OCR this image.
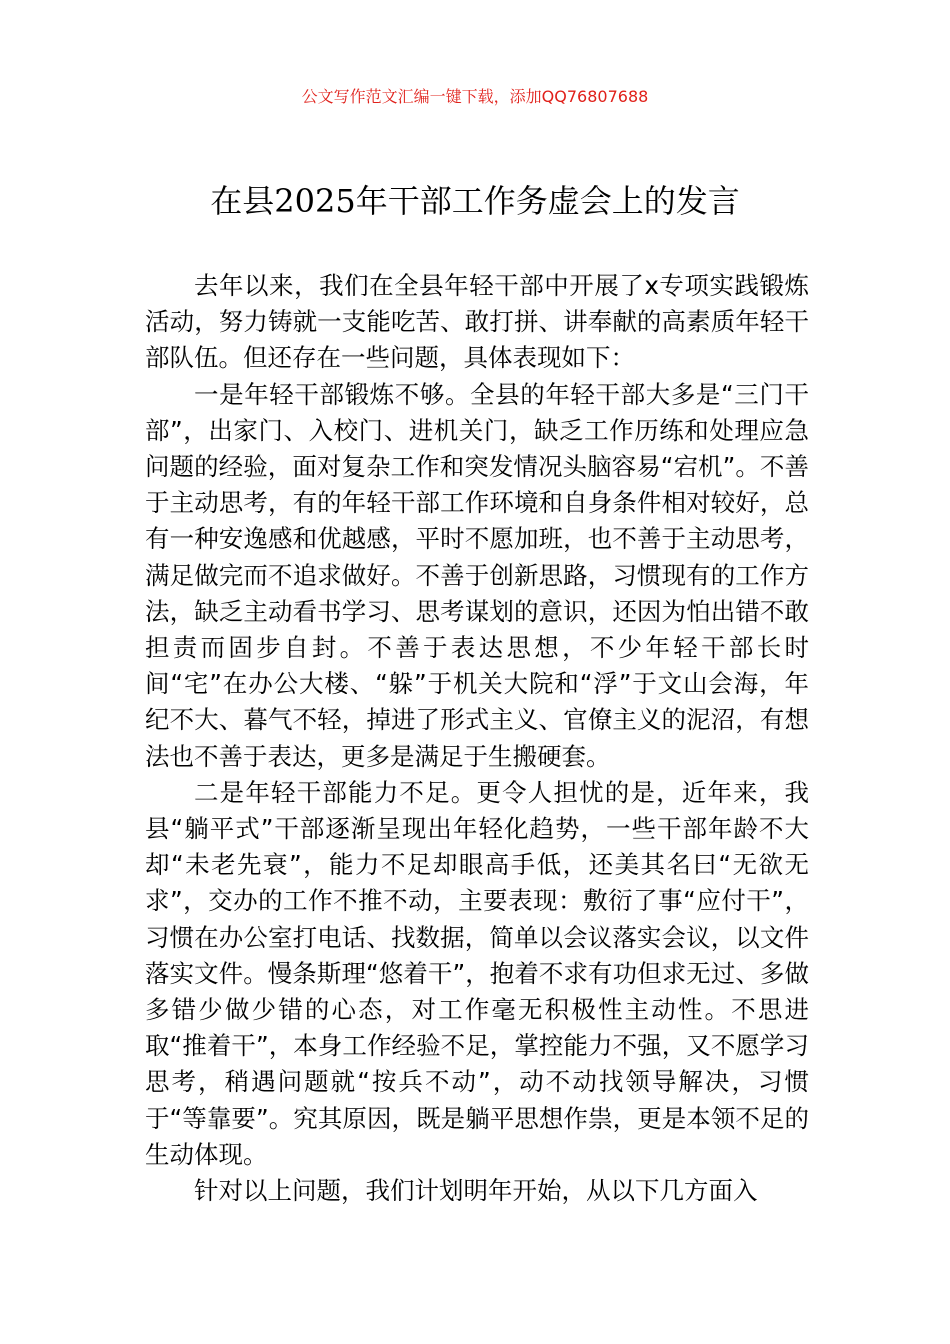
公文写作范文汇编一键下载，添加QQ76807688
在县2025年干部工作务虚会上的发言

去年以来，我们在全县年轻干部中开展了x专项实践锻炼活动，努力铸就一支能吃苦、敢打拼、讲奉献的高素质年轻干部队伍。但还存在一些问题，具体表现如下：

一是年轻干部锻炼不够。全县的年轻干部大多是“三门干部”，出家门、入校门、进机关门，缺乏工作历练和处理应急问题的经验，面对复杂工作和突发情况头脑容易“宕机”。不善于主动思考，有的年轻干部工作环境和自身条件相对较好，总有一种安逸感和优越感，平时不愿加班，也不善于主动思考，满足做完而不追求做好。不善于创新思路，习惯现有的工作方法，缺乏主动看书学习、思考谋划的意识，还因为怕出错不敢担责而固步自封。不善于表达思想，不少年轻干部长时间“宅”在办公大楼、“躲”于机关大院和“浮”于文山会海，年纪不大、暮气不轻，掉进了形式主义、官僚主义的泥沼，有想法也不善于表达，更多是满足于生搬硬套。

二是年轻干部能力不足。更令人担忧的是，近年来，我县“躺平式”干部逐渐呈现出年轻化趋势，一些干部年龄不大却“未老先衰”，能力不足却眼高手低，还美其名曰“无欲无求”，交办的工作不推不动，主要表现：敷衍了事“应付干”，习惯在办公室打电话、找数据，简单以会议落实会议，以文件落实文件。慢条斯理“悠着干”，抱着不求有功但求无过、多做多错少做少错的心态，对工作毫无积极性主动性。不思进取“推着干”，本身工作经验不足，掌控能力不强，又不愿学习思考，稍遇问题就“按兵不动”，动不动找领导解决，习惯于“等靠要”。究其原因，既是躺平思想作祟，更是本领不足的生动体现。

针对以上问题，我们计划明年开始，从以下几方面入
